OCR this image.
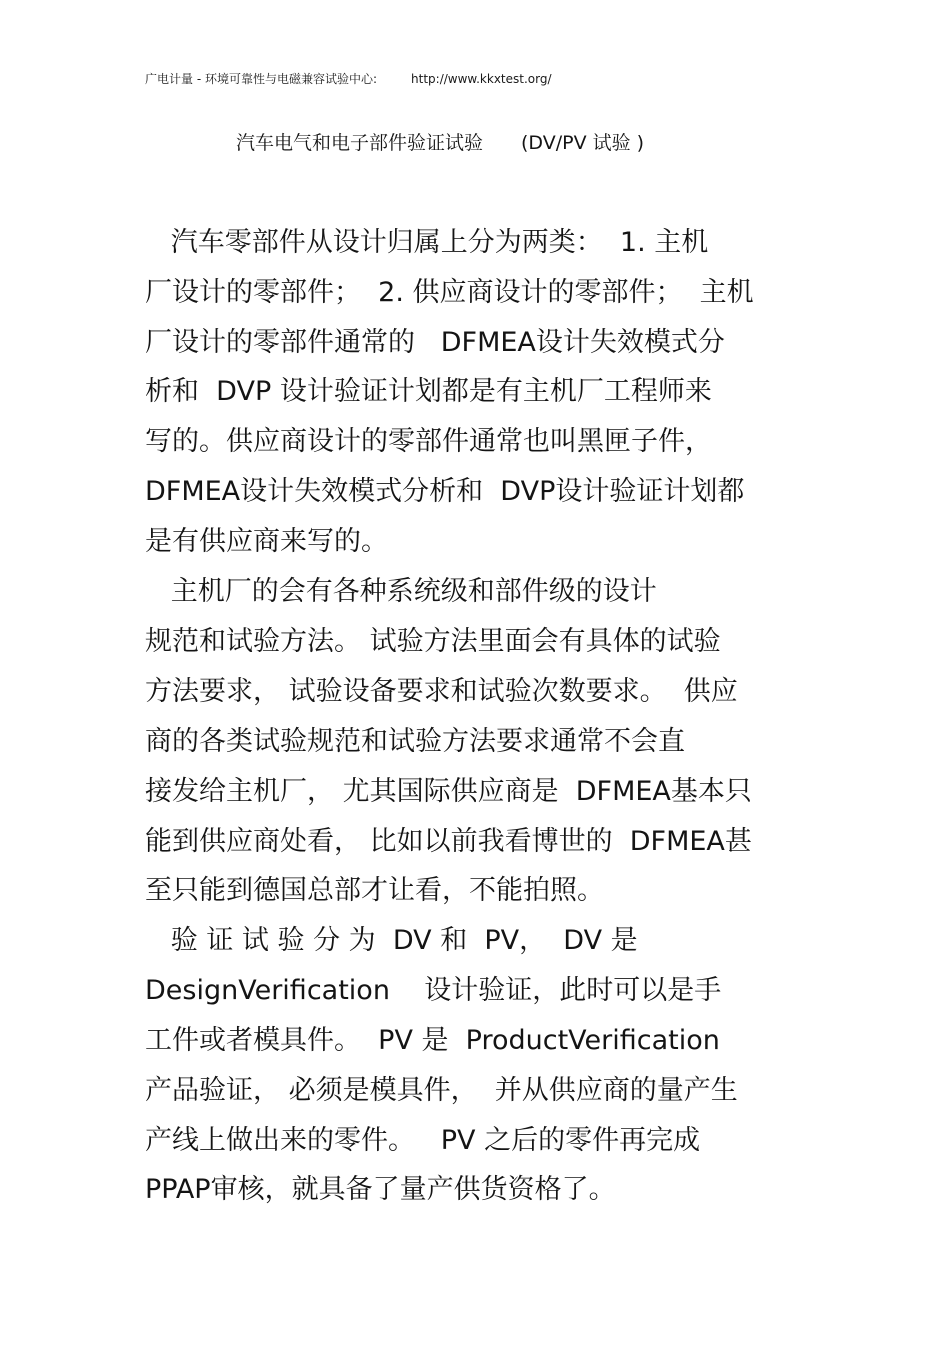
广电计量 - 环境可靠性与电磁兼容试验中心:	http://www.kkxtest.org/
汽车电气和电子部件验证试验 (DV/PV 试验 )
汽车零部件从设计归属上分为两类：  1. 主机
厂设计的零部件；  2. 供应商设计的零部件；  主机
厂设计的零部件通常的   DFMEA设计失效模式分
析和  DVP 设计验证计划都是有主机厂工程师来
写的。供应商设计的零部件通常也叫黑匣子件，
DFMEA设计失效模式分析和  DVP设计验证计划都
是有供应商来写的。
主机厂的会有各种系统级和部件级的设计
规范和试验方法。 试验方法里面会有具体的试验
方法要求， 试验设备要求和试验次数要求。  供应
商的各类试验规范和试验方法要求通常不会直
接发给主机厂， 尤其国际供应商是  DFMEA基本只
能到供应商处看， 比如以前我看博世的  DFMEA甚
至只能到德国总部才让看，不能拍照。
验 证 试 验 分 为  DV 和  PV，  DV 是
DesignVerification    设计验证，此时可以是手
工件或者模具件。  PV 是  ProductVerification
产品验证， 必须是模具件，  并从供应商的量产生
产线上做出来的零件。   PV 之后的零件再完成
PPAP审核，就具备了量产供货资格了。
